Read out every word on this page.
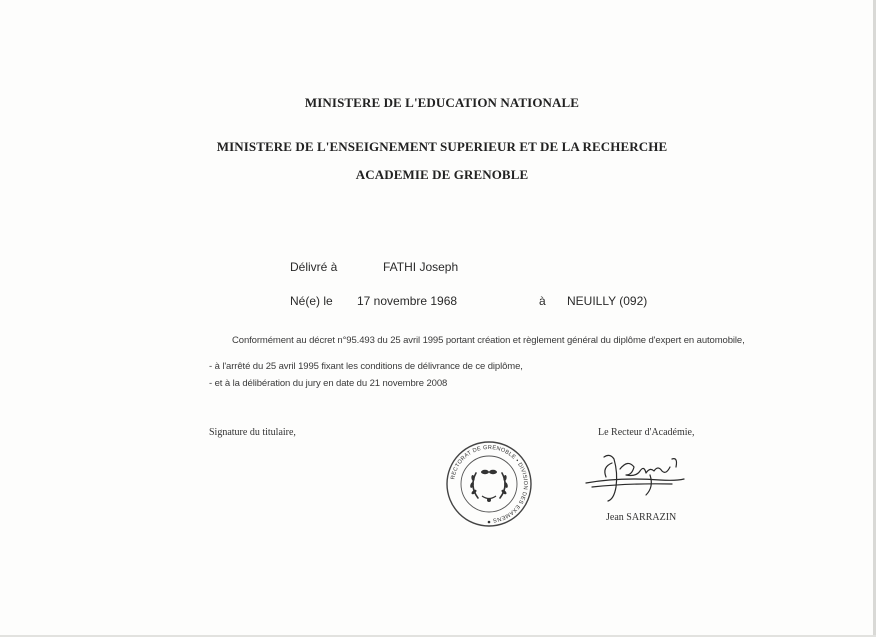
MINISTERE DE L'EDUCATION NATIONALE
MINISTERE DE L'ENSEIGNEMENT SUPERIEUR ET DE LA RECHERCHE
ACADEMIE DE GRENOBLE
Délivré à	FATHI Joseph
Né(e) le 17 novembre 1968	à NEUILLY (092)
Conformément au décret n°95.493 du 25 avril 1995 portant création et règlement général du diplôme d'expert en automobile,
- à l'arrêté du 25 avril 1995 fixant les conditions de délivrance de ce diplôme,
- et à la délibération du jury en date du 21 novembre 2008
Signature du titulaire,	Le Recteur d'Académie,
Jean SARRAZIN
RECTORAT DE GRENOBLE • DIVISION DES EXAMENS
